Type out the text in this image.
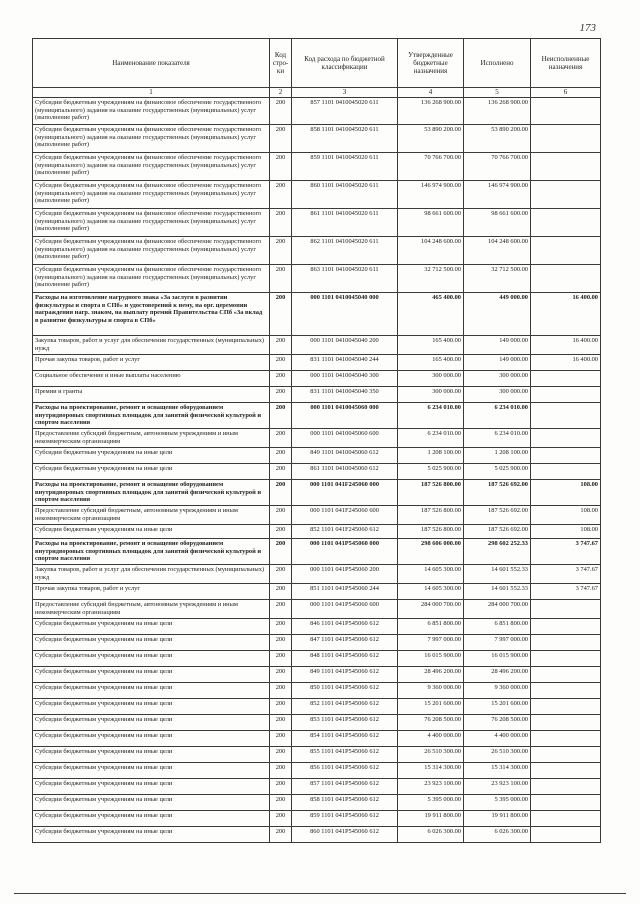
173
Наименование показателя	Код стро-ки	Код расхода по бюджетной классификации	Утвержденные бюджетные назначения	Исполнено	Неисполненные назначения
1	2	3	4	5	6
Субсидии бюджетным учреждениям на финансовое обеспечение государственного (муниципального) задания на оказание государственных (муниципальных) услуг (выполнение работ)	200	857 1101 0410045020 611	136 268 900.00	136 268 900.00	
Субсидии бюджетным учреждениям на финансовое обеспечение государственного (муниципального) задания на оказание государственных (муниципальных) услуг (выполнение работ)	200	858 1101 0410045020 611	53 890 200.00	53 890 200.00	
Субсидии бюджетным учреждениям на финансовое обеспечение государственного (муниципального) задания на оказание государственных (муниципальных) услуг (выполнение работ)	200	859 1101 0410045020 611	70 766 700.00	70 766 700.00	
Субсидии бюджетным учреждениям на финансовое обеспечение государственного (муниципального) задания на оказание государственных (муниципальных) услуг (выполнение работ)	200	860 1101 0410045020 611	146 974 900.00	146 974 900.00	
Субсидии бюджетным учреждениям на финансовое обеспечение государственного (муниципального) задания на оказание государственных (муниципальных) услуг (выполнение работ)	200	861 1101 0410045020 611	98 661 600.00	98 661 600.00	
Субсидии бюджетным учреждениям на финансовое обеспечение государственного (муниципального) задания на оказание государственных (муниципальных) услуг (выполнение работ)	200	862 1101 0410045020 611	104 248 600.00	104 248 600.00	
Субсидии бюджетным учреждениям на финансовое обеспечение государственного (муниципального) задания на оказание государственных (муниципальных) услуг (выполнение работ)	200	863 1101 0410045020 611	32 712 500.00	32 712 500.00	
Расходы на изготовление нагрудного знака «За заслуги в развитии физкультуры и спорта в СПб» и удостоверений к нему, на орг. церемонии награждения нагр. знаком, на выплату премий Правительства СПб «За вклад в развитие физкультуры и спорта в СПб»	200	000 1101 0410045040 000	465 400.00	449 000.00	16 400.00
Закупка товаров, работ и услуг для обеспечения государственных (муниципальных) нужд	200	000 1101 0410045040 200	165 400.00	149 000.00	16 400.00
Прочая закупка товаров, работ и услуг	200	831 1101 0410045040 244	165 400.00	149 000.00	16 400.00
Социальное обеспечение и иные выплаты населению	200	000 1101 0410045040 300	300 000.00	300 000.00	
Премии и гранты	200	831 1101 0410045040 350	300 000.00	300 000.00	
Расходы на проектирование, ремонт и оснащение оборудованием внутридворовых спортивных площадок для занятий физической культурой и спортом населения	200	000 1101 0410045060 000	6 234 010.00	6 234 010.00	
Предоставление субсидий бюджетным, автономным учреждениям и иным некоммерческим организациям	200	000 1101 0410045060 600	6 234 010.00	6 234 010.00	
Субсидии бюджетным учреждениям на иные цели	200	849 1101 0410045060 612	1 208 100.00	1 208 100.00	
Субсидии бюджетным учреждениям на иные цели	200	861 1101 0410045060 612	5 025 900.00	5 025 900.00	
Расходы на проектирование, ремонт и оснащение оборудованием внутридворовых спортивных площадок для занятий физической культурой и спортом населения	200	000 1101 041F245060 000	187 526 800.00	187 526 692.00	108.00
Предоставление субсидий бюджетным, автономным учреждениям и иным некоммерческим организациям	200	000 1101 041F245060 600	187 526 800.00	187 526 692.00	108.00
Субсидии бюджетным учреждениям на иные цели	200	852 1101 041F245060 612	187 526 800.00	187 526 692.00	108.00
Расходы на проектирование, ремонт и оснащение оборудованием внутридворовых спортивных площадок для занятий физической культурой и спортом населения	200	000 1101 041P545060 000	298 606 000.00	298 602 252.33	3 747.67
Закупка товаров, работ и услуг для обеспечения государственных (муниципальных) нужд	200	000 1101 041P545060 200	14 605 300.00	14 601 552.33	3 747.67
Прочая закупка товаров, работ и услуг	200	851 1101 041P545060 244	14 605 300.00	14 601 552.33	3 747.67
Предоставление субсидий бюджетным, автономным учреждениям и иным некоммерческим организациям	200	000 1101 041P545060 600	284 000 700.00	284 000 700.00	
Субсидии бюджетным учреждениям на иные цели	200	846 1101 041P545060 612	6 851 800.00	6 851 800.00	
Субсидии бюджетным учреждениям на иные цели	200	847 1101 041P545060 612	7 997 000.00	7 997 000.00	
Субсидии бюджетным учреждениям на иные цели	200	848 1101 041P545060 612	16 015 900.00	16 015 900.00	
Субсидии бюджетным учреждениям на иные цели	200	849 1101 041P545060 612	28 496 200.00	28 496 200.00	
Субсидии бюджетным учреждениям на иные цели	200	850 1101 041P545060 612	9 360 000.00	9 360 000.00	
Субсидии бюджетным учреждениям на иные цели	200	852 1101 041P545060 612	15 201 600.00	15 201 600.00	
Субсидии бюджетным учреждениям на иные цели	200	853 1101 041P545060 612	76 208 500.00	76 208 500.00	
Субсидии бюджетным учреждениям на иные цели	200	854 1101 041P545060 612	4 400 000.00	4 400 000.00	
Субсидии бюджетным учреждениям на иные цели	200	855 1101 041P545060 612	26 510 300.00	26 510 300.00	
Субсидии бюджетным учреждениям на иные цели	200	856 1101 041P545060 612	15 314 300.00	15 314 300.00	
Субсидии бюджетным учреждениям на иные цели	200	857 1101 041P545060 612	23 923 100.00	23 923 100.00	
Субсидии бюджетным учреждениям на иные цели	200	858 1101 041P545060 612	5 395 000.00	5 395 000.00	
Субсидии бюджетным учреждениям на иные цели	200	859 1101 041P545060 612	19 911 800.00	19 911 800.00	
Субсидии бюджетным учреждениям на иные цели	200	860 1101 041P545060 612	6 026 300.00	6 026 300.00	
